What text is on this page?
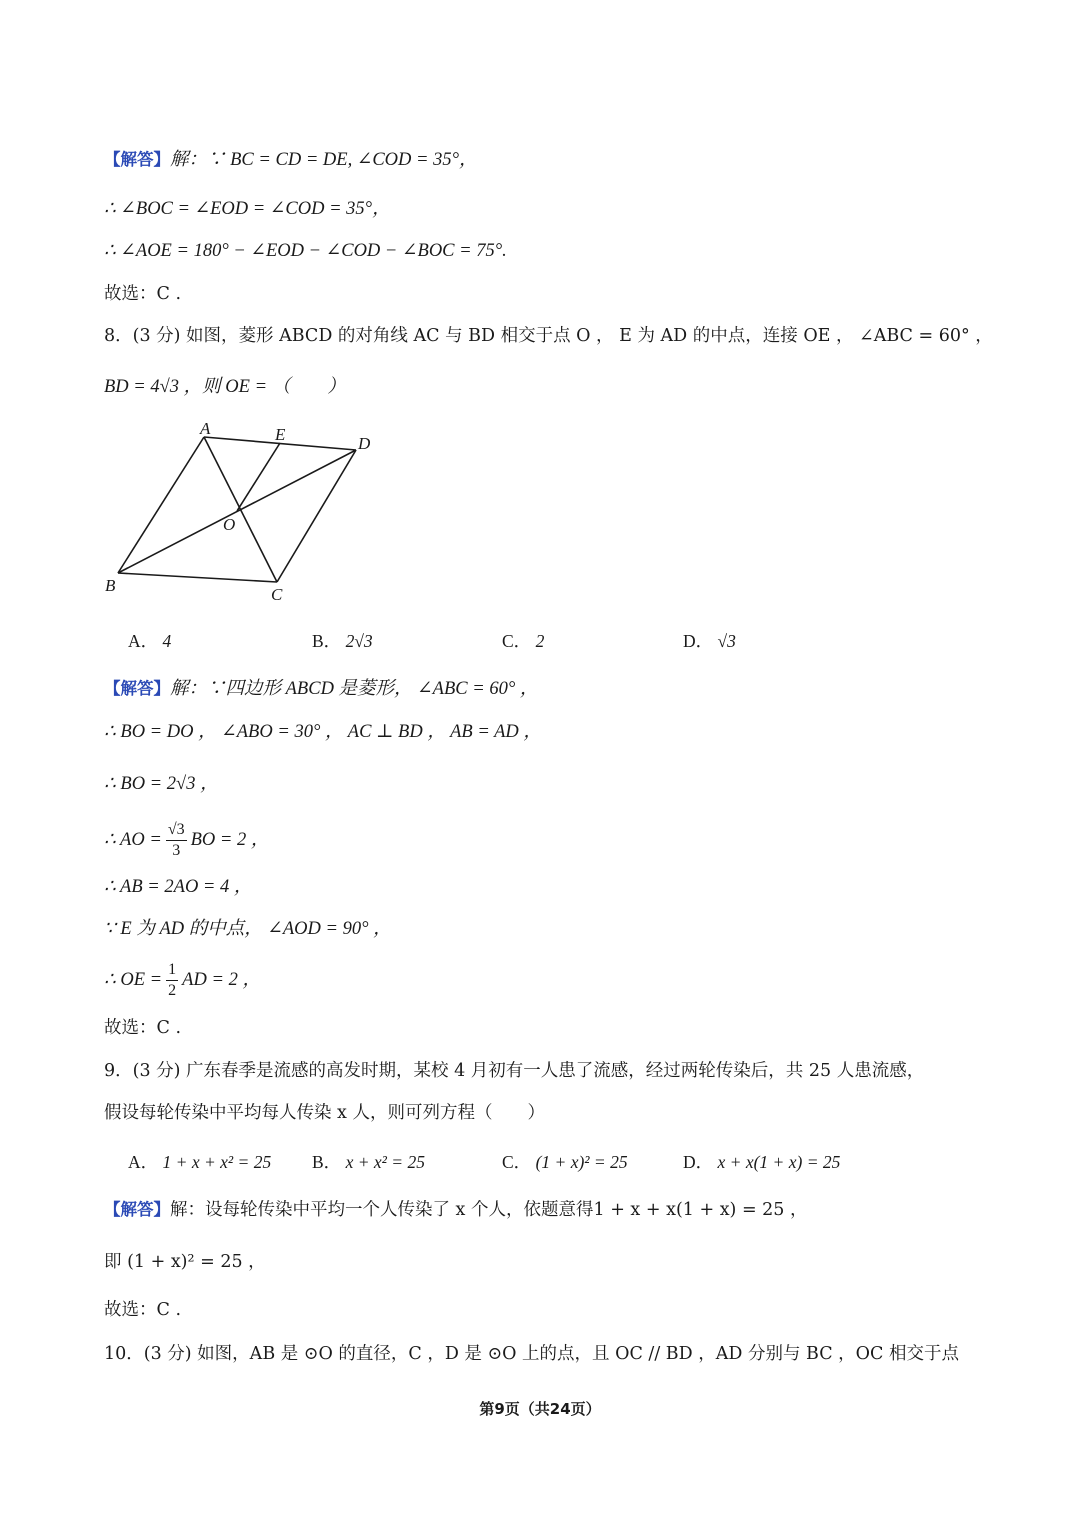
【解答】解：∵ BC = CD = DE, ∠COD = 35°，
∴ ∠BOC = ∠EOD = ∠COD = 35°，
∴ ∠AOE = 180° − ∠EOD − ∠COD − ∠BOC = 75°.
故选：C .
8．(3 分) 如图，菱形 ABCD 的对角线 AC 与 BD 相交于点 O ， E 为 AD 的中点，连接 OE ， ∠ABC = 60° ，
BD = 4√3 ，则 OE = （　　）
A	E	D
O
B	C
A． 4	B． 2√3	C． 2	D． √3
【解答】解：∵四边形 ABCD 是菱形， ∠ABC = 60° ，
∴ BO = DO ， ∠ABO = 30° ， AC ⊥ BD ， AB = AD ，
∴ BO = 2√3 ，
∴ AO = $\frac{√3}{3}$ BO = 2 ，
∴ AB = 2AO = 4 ，
∵ E 为 AD 的中点， ∠AOD = 90° ，
∴ OE = $\frac{1}{2}$ AD = 2 ，
故选：C .
9．(3 分) 广东春季是流感的高发时期，某校 4 月初有一人患了流感，经过两轮传染后，共 25 人患流感，
假设每轮传染中平均每人传染 x 人，则可列方程（　　）
A． 1 + x + x² = 25 B． x + x² = 25	C． (1 + x)² = 25	D． x + x(1 + x) = 25
【解答】解：设每轮传染中平均一个人传染了 x 个人，依题意得1 + x + x(1 + x) = 25 ，
即 (1 + x)² = 25 ，
故选：C .
10．(3 分) 如图，AB 是 ⊙O 的直径，C ，D 是 ⊙O 上的点，且 OC // BD ，AD 分别与 BC ，OC 相交于点
第9页（共24页）
